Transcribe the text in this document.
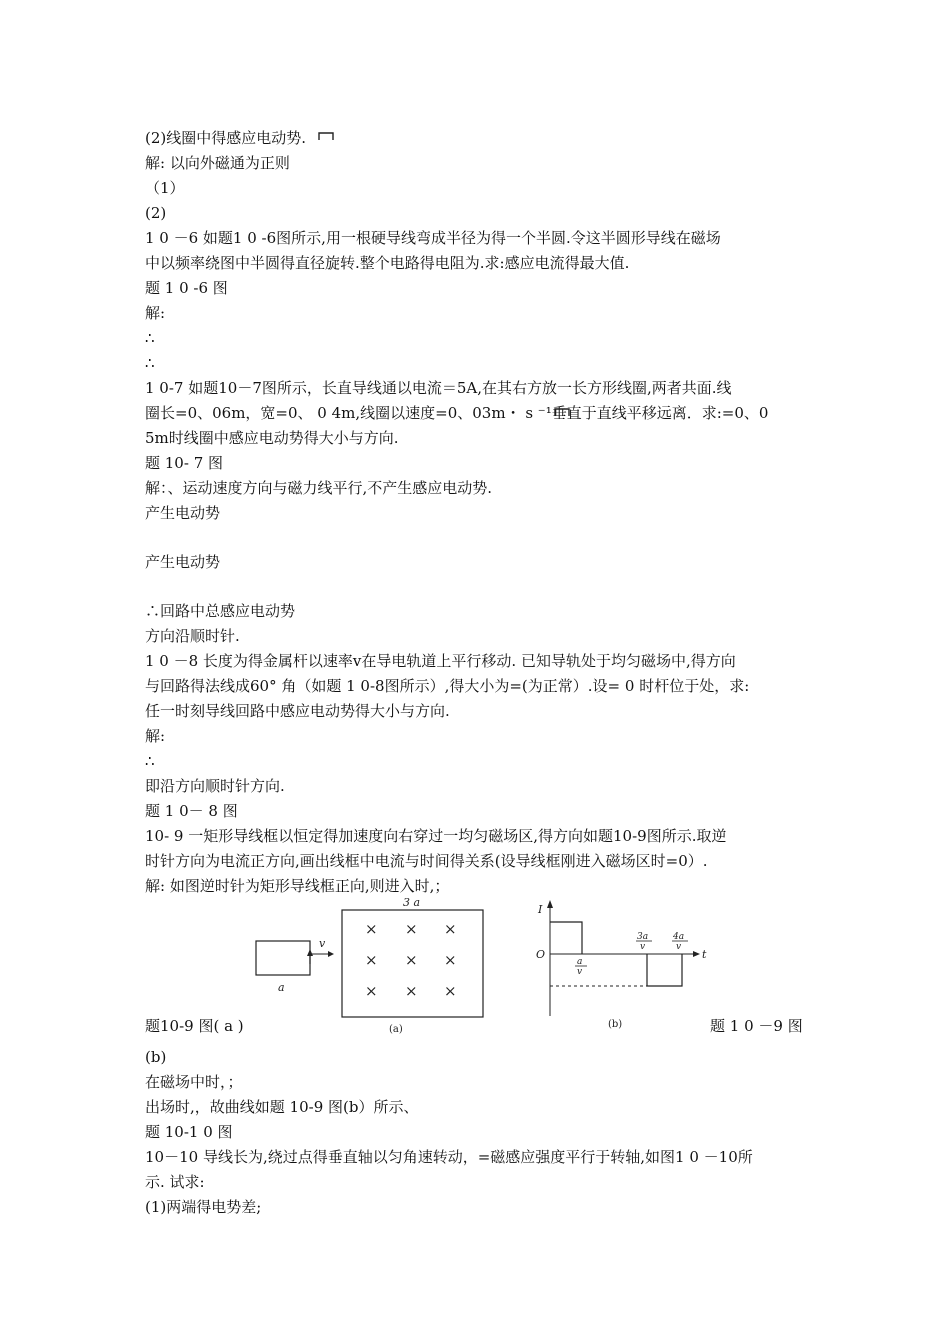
(2)线圈中得感应电动势.
解: 以向外磁通为正则
（1）
(2)
1 0 －6 如题1 0 -6图所示,用一根硬导线弯成半径为得一个半圆.令这半圆形导线在磁场
中以频率绕图中半圆得直径旋转.整个电路得电阻为.求:感应电流得最大值.
题 1 0 -6 图
解:
∴
∴
1 0-7 如题10－7图所示，长直导线通以电流＝5A,在其右方放一长方形线圈,两者共面.线
圈长=0、06m，宽=0、 0 4m,线圈以速度=0、03m・ s ⁻¹垂直于直线平移远离．求:=0、0
5m时线圈中感应电动势得大小与方向.
题 10- 7 图
解：、运动速度方向与磁力线平行,不产生感应电动势.
产生电动势
产生电动势
∴回路中总感应电动势
方向沿顺时针.
1 0 －8 长度为得金属杆以速率v在导电轨道上平行移动. 已知导轨处于均匀磁场中,得方向
与回路得法线成60° 角（如题 1 0-8图所示）,得大小为=(为正常）.设= 0 时杆位于处，求:
任一时刻导线回路中感应电动势得大小与方向.
解:
∴
即沿方向顺时针方向.
题 1 0－ 8 图
10- 9 一矩形导线框以恒定得加速度向右穿过一均匀磁场区,得方向如题10-9图所示.取逆
时针方向为电流正方向,画出线框中电流与时间得关系(设导线框刚进入磁场区时=0）.
解: 如图逆时针为矩形导线框正向,则进入时,；
题10-9 图( a )	题 1 0 －9 图
(b)
在磁场中时，；
出场时,，故曲线如题 10-9 图(b）所示、
题 10-1 0 图
10－10 导线长为,绕过点得垂直轴以匀角速转动，=磁感应强度平行于转轴,如图1 0 －10所
示. 试求:
(1)两端得电势差;
a
v
3 a
× × ×
× × ×
× × ×
(a)
I
t
O
a
v
3a
v
4a
v
(b)
